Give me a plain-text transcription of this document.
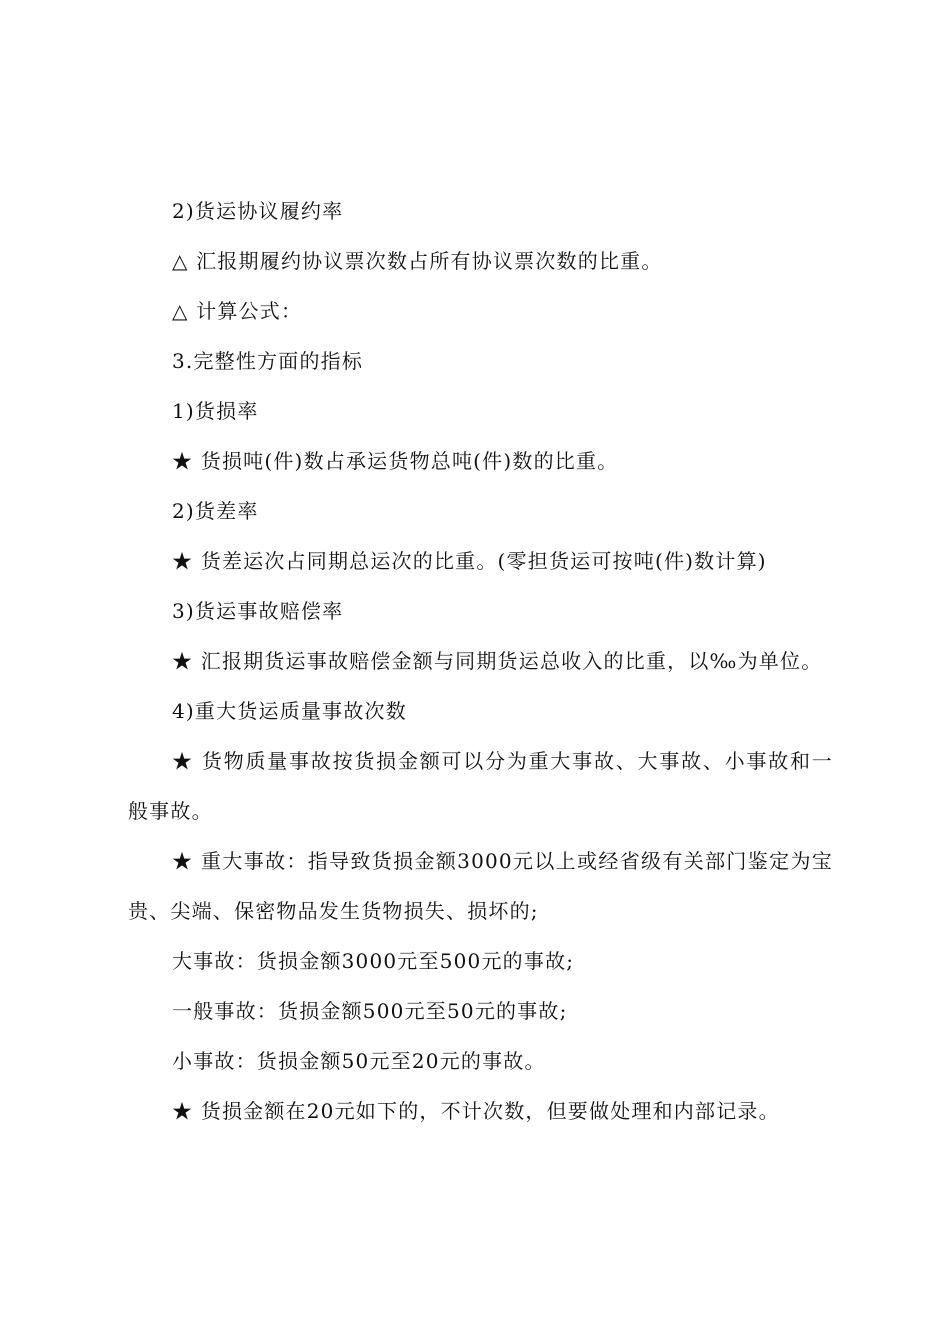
2)货运协议履约率

△ 汇报期履约协议票次数占所有协议票次数的比重。

△ 计算公式：

3.完整性方面的指标

1)货损率

★ 货损吨(件)数占承运货物总吨(件)数的比重。

2)货差率

★ 货差运次占同期总运次的比重。(零担货运可按吨(件)数计算)

3)货运事故赔偿率

★ 汇报期货运事故赔偿金额与同期货运总收入的比重，以‰为单位。

4)重大货运质量事故次数

★ 货物质量事故按货损金额可以分为重大事故、大事故、小事故和一般事故。

★ 重大事故：指导致货损金额3000元以上或经省级有关部门鉴定为宝贵、尖端、保密物品发生货物损失、损坏的;

大事故：货损金额3000元至500元的事故;

一般事故：货损金额500元至50元的事故;

小事故：货损金额50元至20元的事故。

★ 货损金额在20元如下的，不计次数，但要做处理和内部记录。
